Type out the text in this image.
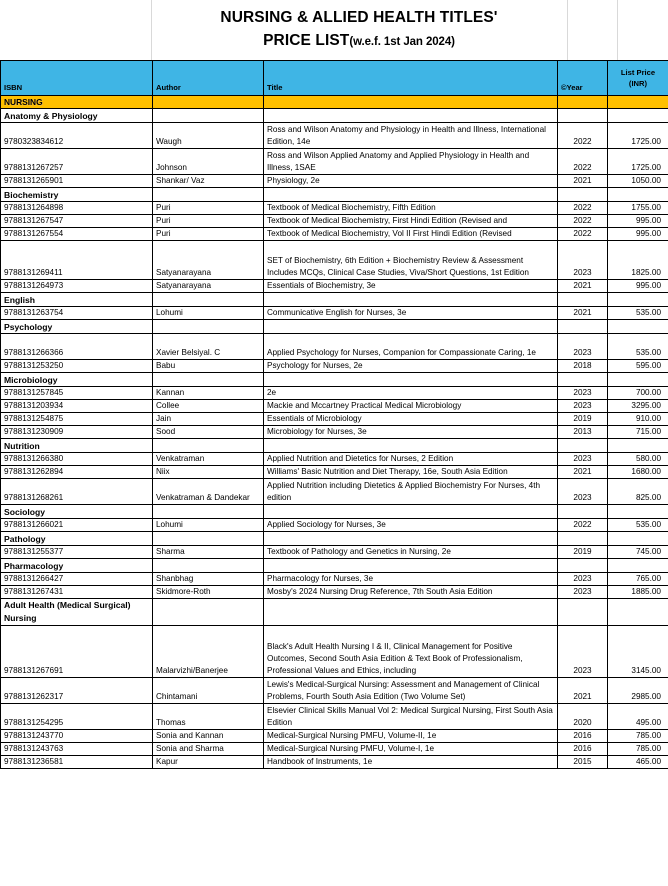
NURSING & ALLIED HEALTH TITLES'
PRICE LIST(w.e.f. 1st Jan 2024)
ISBN	Author	Title	©Year	List Price
(INR)
NURSING				
Anatomy & Physiology				
9780323834612	Waugh	Ross and Wilson Anatomy and Physiology in Health and Illness, International Edition, 14e	2022	1725.00
9788131267257	Johnson	Ross and Wilson Applied Anatomy and Applied Physiology in Health and Illness, 1SAE	2022	1725.00
9788131265901	Shankar/ Vaz	Physiology, 2e	2021	1050.00
Biochemistry				
9788131264898	Puri	Textbook of Medical Biochemistry, Fifth Edition	2022	1755.00
9788131267547	Puri	Textbook of Medical Biochemistry, First Hindi Edition (Revised and	2022	995.00
9788131267554	Puri	Textbook of Medical Biochemistry, Vol II First Hindi Edition (Revised	2022	995.00
9788131269411	Satyanarayana	SET of Biochemistry, 6th Edition + Biochemistry Review & Assessment Includes MCQs, Clinical Case Studies, Viva/Short Questions, 1st Edition	2023	1825.00
9788131264973	Satyanarayana	Essentials of Biochemistry, 3e	2021	995.00
English				
9788131263754	Lohumi	Communicative English for Nurses, 3e	2021	535.00
Psychology				
9788131266366	Xavier Belsiyal. C	Applied Psychology for Nurses, Companion for Compassionate Caring, 1e	2023	535.00
9788131253250	Babu	Psychology for Nurses, 2e	2018	595.00
Microbiology				
9788131257845	Kannan	2e	2023	700.00
9788131203934	Collee	Mackie and Mccartney Practical Medical Microbiology	2023	3295.00
9788131254875	Jain	Essentials of Microbiology	2019	910.00
9788131230909	Sood	Microbiology for Nurses, 3e	2013	715.00
Nutrition				
9788131266380	Venkatraman	Applied Nutrition and Dietetics for Nurses, 2 Edition	2023	580.00
9788131262894	Niix	Williams' Basic Nutrition and Diet Therapy, 16e, South Asia Edition	2021	1680.00
9788131268261	Venkatraman & Dandekar	Applied Nutrition including Dietetics & Applied Biochemistry For Nurses, 4th edition	2023	825.00
Sociology				
9788131266021	Lohumi	Applied Sociology for Nurses, 3e	2022	535.00
Pathology				
9788131255377	Sharma	Textbook of Pathology and Genetics in Nursing, 2e	2019	745.00
Pharmacology				
9788131266427	Shanbhag	Pharmacology for Nurses, 3e	2023	765.00
9788131267431	Skidmore-Roth	Mosby's 2024 Nursing Drug Reference, 7th South Asia Edition	2023	1885.00
Adult Health (Medical Surgical) Nursing				
9788131267691	Malarvizhi/Banerjee	Black's Adult Health Nursing I & II, Clinical Management for Positive Outcomes, Second South Asia Edition & Text Book of Professionalism, Professional Values and Ethics, including	2023	3145.00
9788131262317	Chintamani	Lewis's Medical-Surgical Nursing: Assessment and Management of Clinical Problems, Fourth South Asia Edition (Two Volume Set)	2021	2985.00
9788131254295	Thomas	Elsevier Clinical Skills Manual Vol 2: Medical Surgical Nursing, First South Asia Edition	2020	495.00
9788131243770	Sonia and Kannan	Medical-Surgical Nursing PMFU, Volume-II, 1e	2016	785.00
9788131243763	Sonia and Sharma	Medical-Surgical Nursing PMFU, Volume-I, 1e	2016	785.00
9788131236581	Kapur	Handbook of Instruments, 1e	2015	465.00
